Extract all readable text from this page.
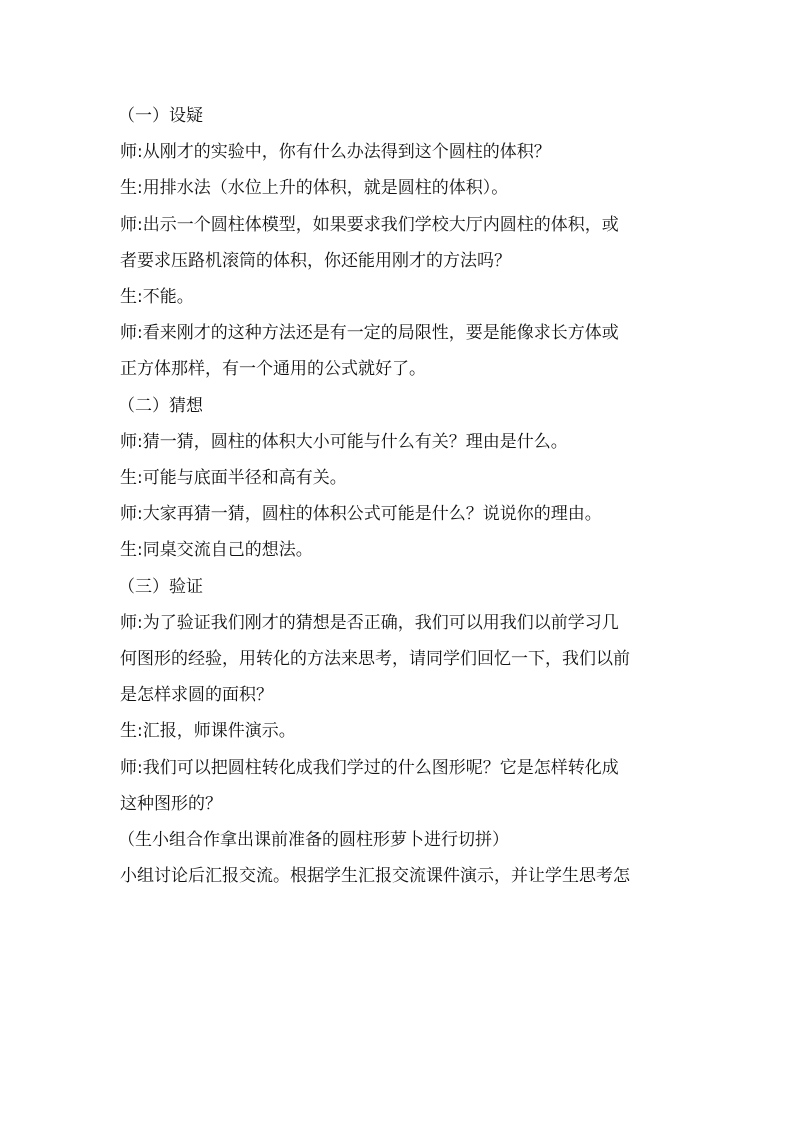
（一）设疑

师:从刚才的实验中，你有什么办法得到这个圆柱的体积？

生:用排水法（水位上升的体积，就是圆柱的体积）。

师:出示一个圆柱体模型，如果要求我们学校大厅内圆柱的体积，或

者要求压路机滚筒的体积，你还能用刚才的方法吗？

生:不能。

师:看来刚才的这种方法还是有一定的局限性，要是能像求长方体或

正方体那样，有一个通用的公式就好了。

（二）猜想

师:猜一猜，圆柱的体积大小可能与什么有关？理由是什么。

生:可能与底面半径和高有关。

师:大家再猜一猜，圆柱的体积公式可能是什么？说说你的理由。

生:同桌交流自己的想法。

（三）验证

师:为了验证我们刚才的猜想是否正确，我们可以用我们以前学习几

何图形的经验，用转化的方法来思考，请同学们回忆一下，我们以前

是怎样求圆的面积？

生:汇报，师课件演示。

师:我们可以把圆柱转化成我们学过的什么图形呢？它是怎样转化成

这种图形的？

（生小组合作拿出课前准备的圆柱形萝卜进行切拼）

小组讨论后汇报交流。根据学生汇报交流课件演示，并让学生思考怎
